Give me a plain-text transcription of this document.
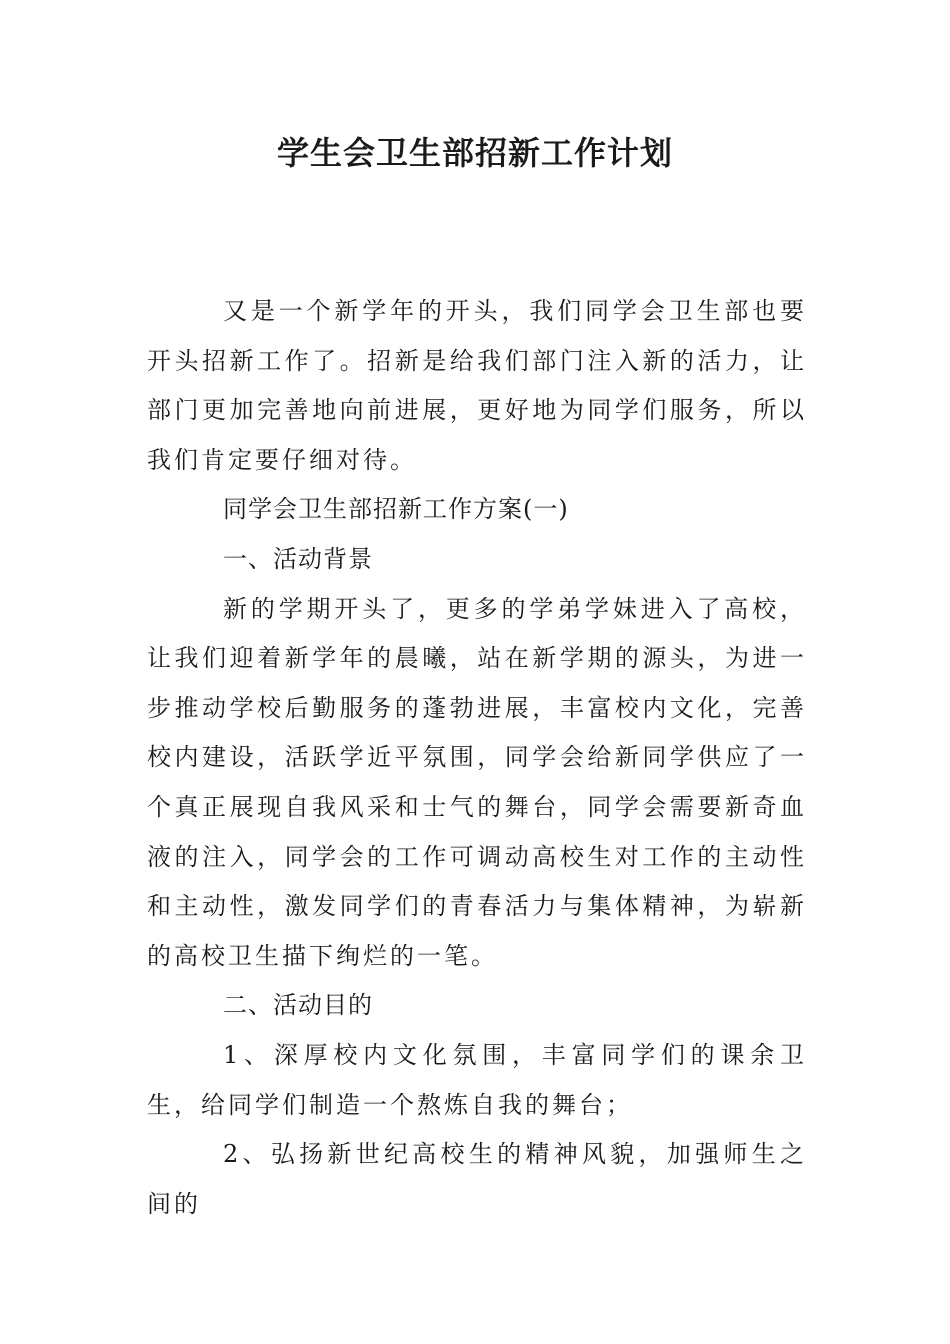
学生会卫生部招新工作计划

又是一个新学年的开头，我们同学会卫生部也要开头招新工作了。招新是给我们部门注入新的活力，让部门更加完善地向前进展，更好地为同学们服务，所以我们肯定要仔细对待。

同学会卫生部招新工作方案(一)

一、活动背景

新的学期开头了，更多的学弟学妹进入了高校，让我们迎着新学年的晨曦，站在新学期的源头，为进一步推动学校后勤服务的蓬勃进展，丰富校内文化，完善校内建设，活跃学近平氛围，同学会给新同学供应了一个真正展现自我风采和士气的舞台，同学会需要新奇血液的注入，同学会的工作可调动高校生对工作的主动性和主动性，激发同学们的青春活力与集体精神，为崭新的高校卫生描下绚烂的一笔。

二、活动目的

1、深厚校内文化氛围，丰富同学们的课余卫生，给同学们制造一个熬炼自我的舞台；

2、弘扬新世纪高校生的精神风貌，加强师生之间的
